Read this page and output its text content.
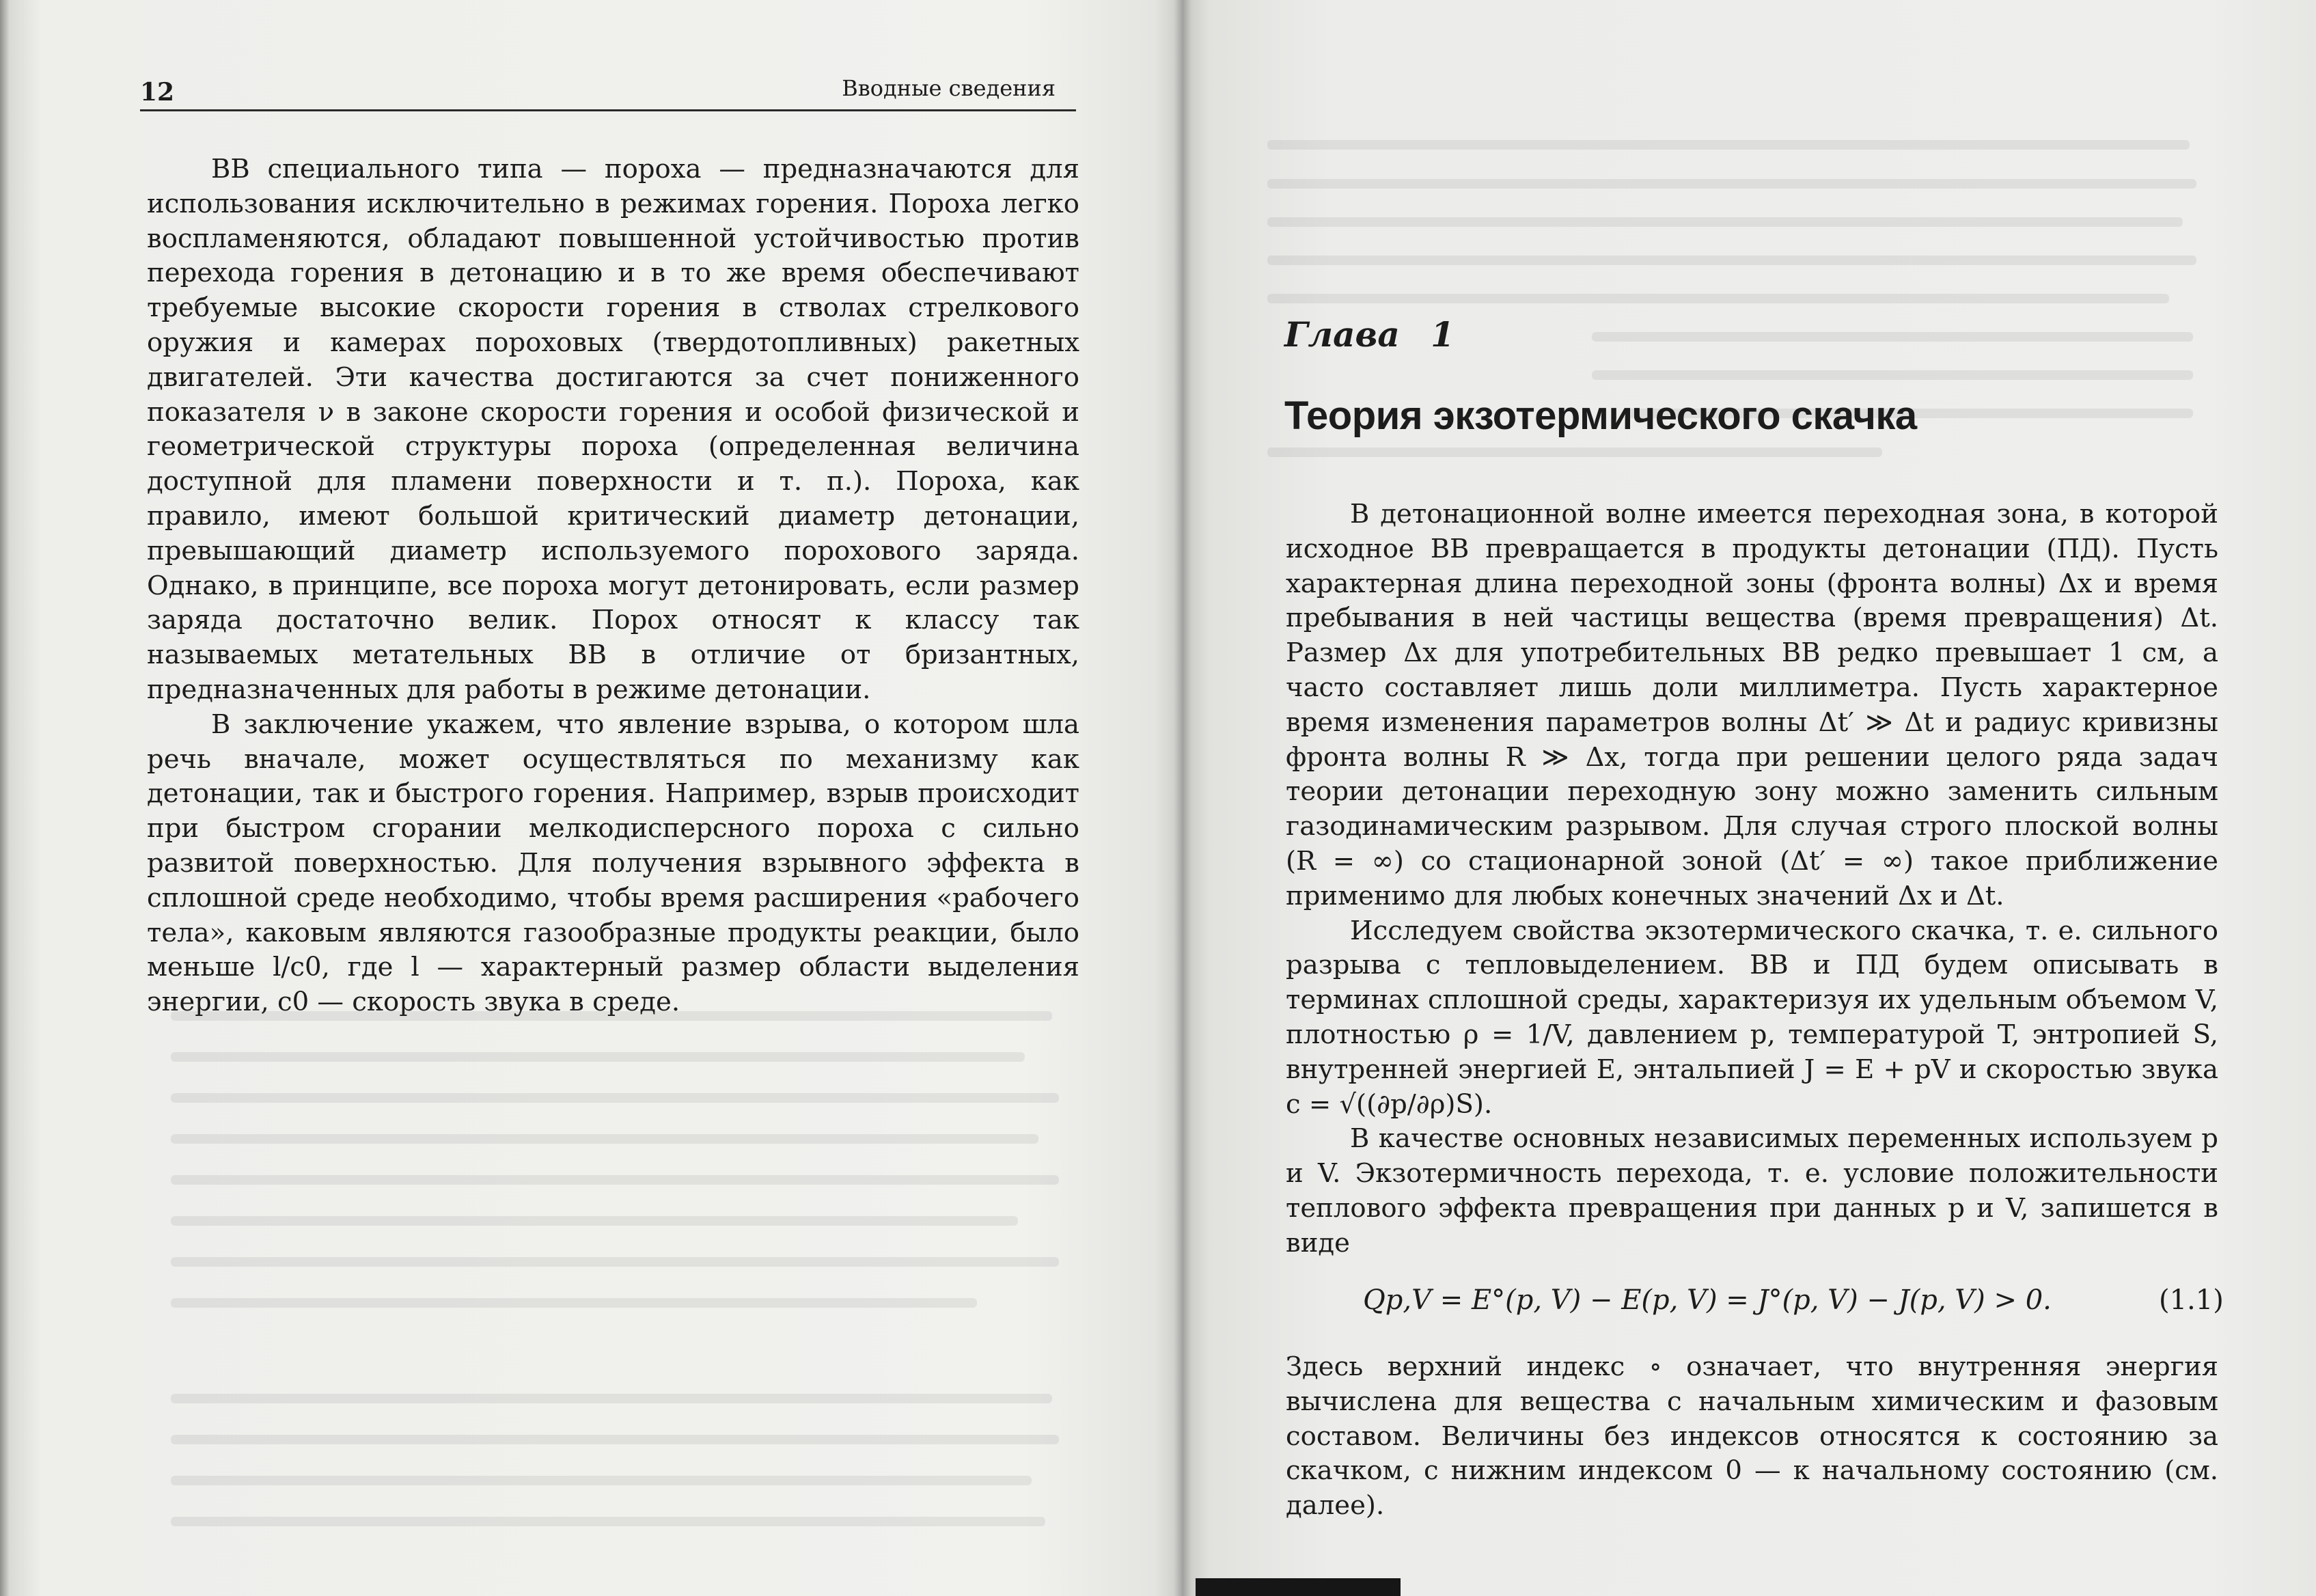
12	Вводные сведения

ВВ специального типа — пороха — предназначаются для использования исключительно в режимах горения. Пороха легко воспламеняются, обладают повышенной устойчивостью против перехода горения в детонацию и в то же время обеспечивают требуемые высокие скорости горения в стволах стрелкового оружия и камерах пороховых (твердотопливных) ракетных двигателей. Эти качества достигаются за счет пониженного показателя ν в законе скорости горения и особой физической и геометрической структуры пороха (определенная величина доступной для пламени поверхности и т. п.). Пороха, как правило, имеют большой критический диаметр детонации, превышающий диаметр используемого порохового заряда. Однако, в принципе, все пороха могут детонировать, если размер заряда достаточно велик. Порох относят к классу так называемых метательных ВВ в отличие от бризантных, предназначенных для работы в режиме детонации.

В заключение укажем, что явление взрыва, о котором шла речь вначале, может осуществляться по механизму как детонации, так и быстрого горения. Например, взрыв происходит при быстром сгорании мелкодисперсного пороха с сильно развитой поверхностью. Для получения взрывного эффекта в сплошной среде необходимо, чтобы время расширения «рабочего тела», каковым являются газообразные продукты реакции, было меньше l/c0, где l — характерный размер области выделения энергии, c0 — скорость звука в среде.

Глава 1
Теория экзотермического скачка

В детонационной волне имеется переходная зона, в которой исходное ВВ превращается в продукты детонации (ПД). Пусть характерная длина переходной зоны (фронта волны) Δx и время пребывания в ней частицы вещества (время превращения) Δt. Размер Δx для употребительных ВВ редко превышает 1 см, а часто составляет лишь доли миллиметра. Пусть характерное время изменения параметров волны Δt′ ≫ Δt и радиус кривизны фронта волны R ≫ Δx, тогда при решении целого ряда задач теории детонации переходную зону можно заменить сильным газодинамическим разрывом. Для случая строго плоской волны (R = ∞) со стационарной зоной (Δt′ = ∞) такое приближение применимо для любых конечных значений Δx и Δt.

Исследуем свойства экзотермического скачка, т. е. сильного разрыва с тепловыделением. ВВ и ПД будем описывать в терминах сплошной среды, характеризуя их удельным объемом V, плотностью ρ = 1/V, давлением p, температурой T, энтропией S, внутренней энергией E, энтальпией J = E + pV и скоростью звука c = √((∂p/∂ρ)S).

В качестве основных независимых переменных используем p и V. Экзотермичность перехода, т. е. условие положительности теплового эффекта превращения при данных p и V, запишется в виде

Qp,V = E°(p, V) − E(p, V) = J°(p, V) − J(p, V) > 0.	(1.1)

Здесь верхний индекс ∘ означает, что внутренняя энергия вычислена для вещества с начальным химическим и фазовым составом. Величины без индексов относятся к состоянию за скачком, с нижним индексом 0 — к начальному состоянию (см. далее).
